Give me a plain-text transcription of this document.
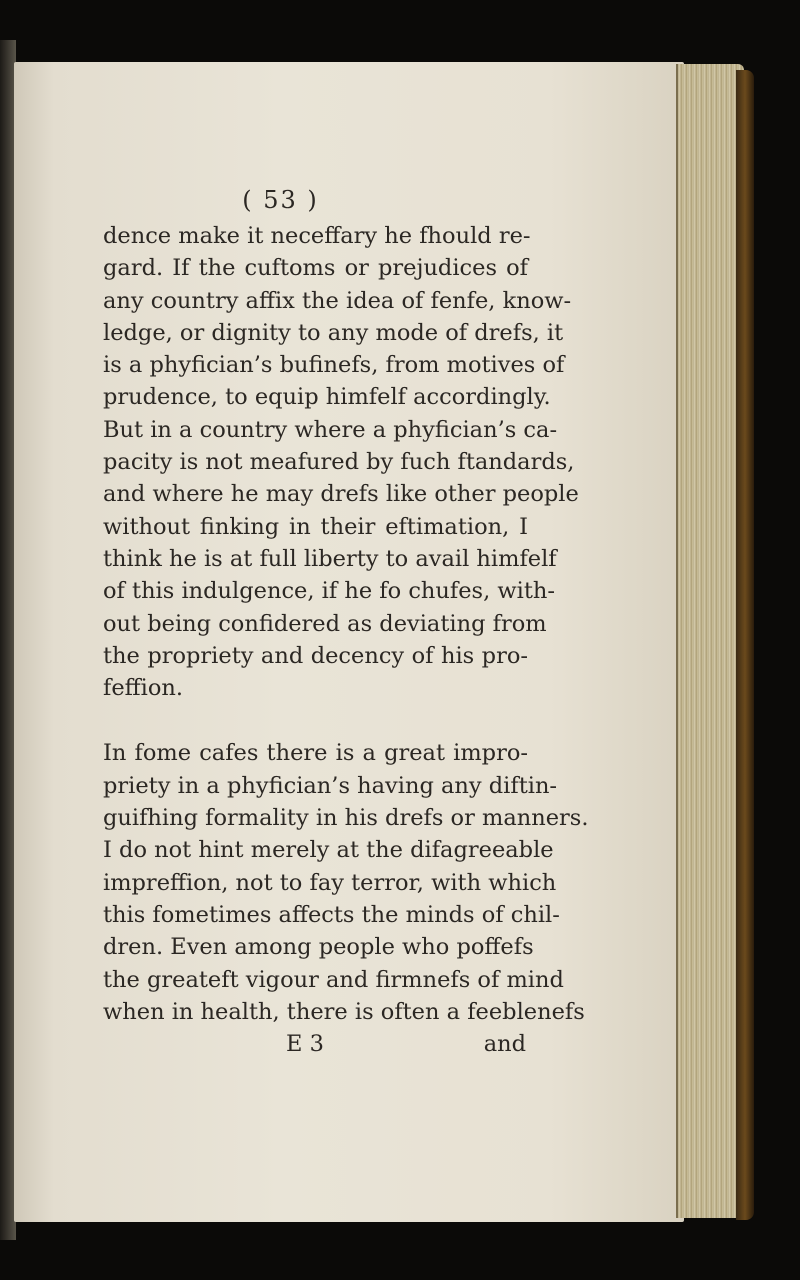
( 53 )
dence make it neceffary he fhould re-
gard. If the cuftoms or prejudices of
any country affix the idea of fenfe, know-
ledge, or dignity to any mode of drefs, it
is a phyfician’s bufinefs, from motives of
prudence, to equip himfelf accordingly.
But in a country where a phyfician’s ca-
pacity is not meafured by fuch ftandards,
and where he may drefs like other people
without finking in their eftimation, I
think he is at full liberty to avail himfelf
of this indulgence, if he fo chufes, with-
out being confidered as deviating from
the propriety and decency of his pro-
feffion.
In fome cafes there is a great impro-
priety in a phyfician’s having any diftin-
guifhing formality in his drefs or manners.
I do not hint merely at the difagreeable
impreffion, not to fay terror, with which
this fometimes affects the minds of chil-
dren. Even among people who poffefs
the greateft vigour and firmnefs of mind
when in health, there is often a feeblenefs
E 3	and
